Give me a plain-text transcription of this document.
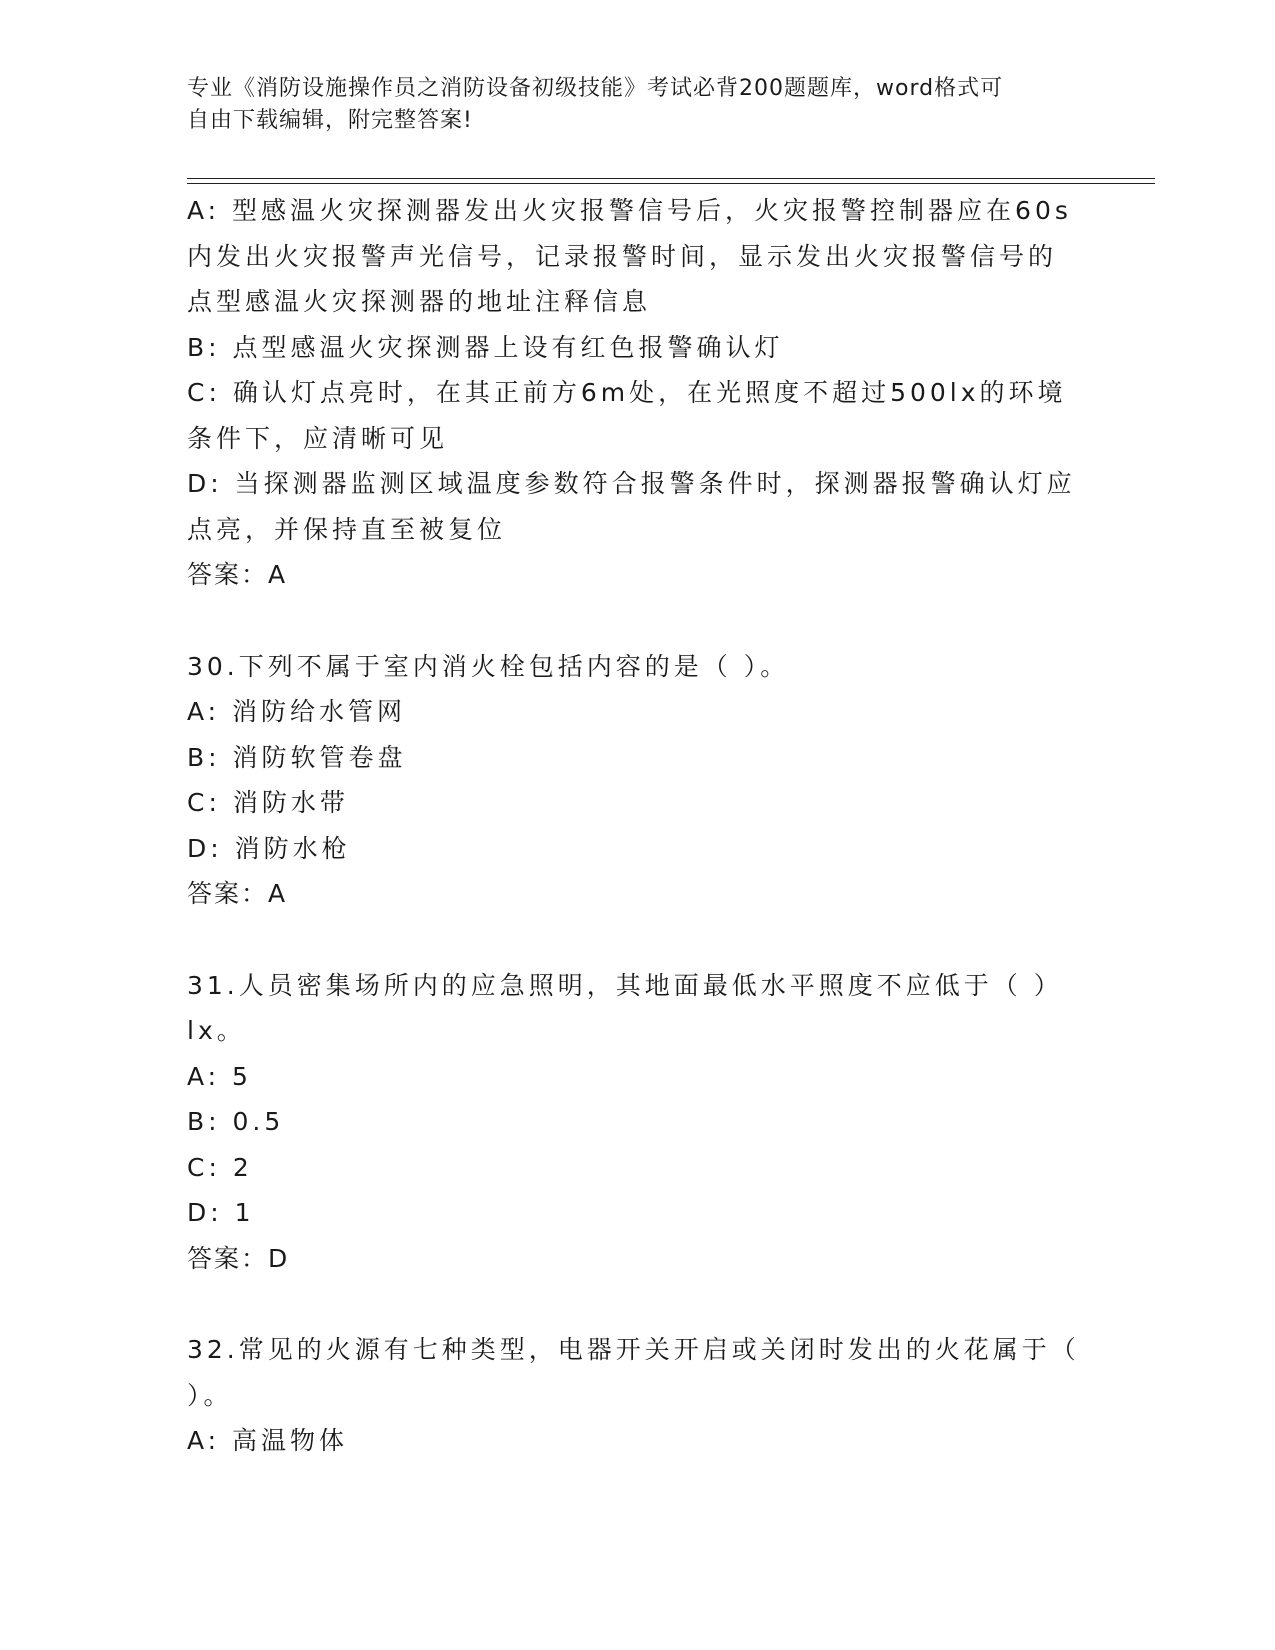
专业《消防设施操作员之消防设备初级技能》考试必背200题题库，word格式可
自由下载编辑，附完整答案!
A: 型感温火灾探测器发出火灾报警信号后，火灾报警控制器应在60s
内发出火灾报警声光信号，记录报警时间，显示发出火灾报警信号的
点型感温火灾探测器的地址注释信息
B: 点型感温火灾探测器上设有红色报警确认灯
C: 确认灯点亮时，在其正前方6m处，在光照度不超过500lx的环境
条件下，应清晰可见
D: 当探测器监测区域温度参数符合报警条件时，探测器报警确认灯应
点亮，并保持直至被复位
答案：A
30.下列不属于室内消火栓包括内容的是（ ）。
A: 消防给水管网
B: 消防软管卷盘
C: 消防水带
D: 消防水枪
答案：A
31.人员密集场所内的应急照明，其地面最低水平照度不应低于（ ）
lx。
A: 5
B: 0.5
C: 2
D: 1
答案：D
32.常见的火源有七种类型，电器开关开启或关闭时发出的火花属于（
）。
A: 高温物体
